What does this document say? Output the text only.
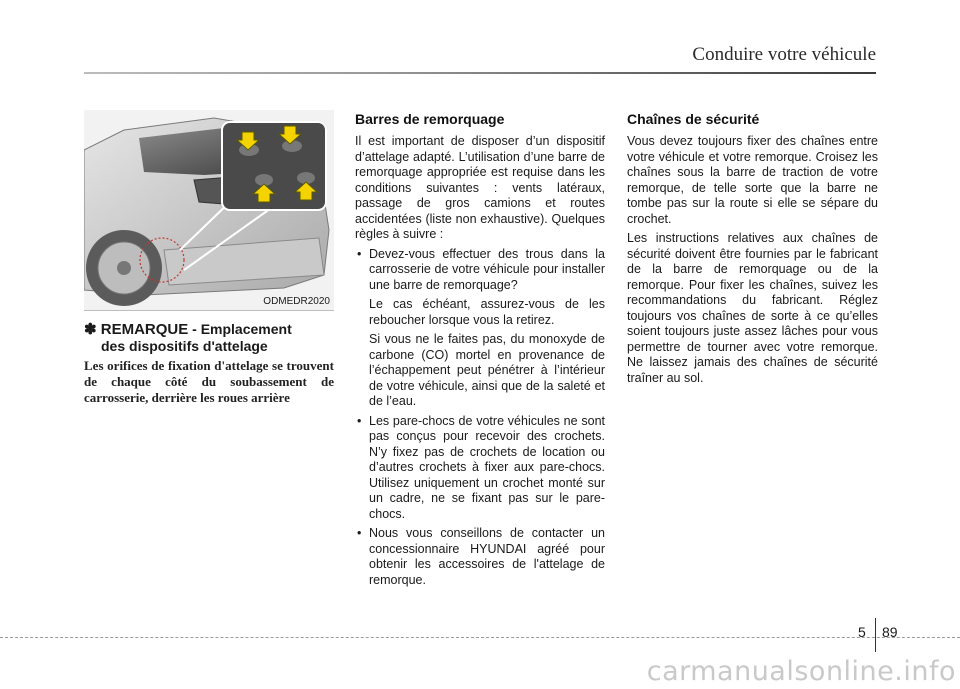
Conduire votre véhicule
ODMEDR2020
✽ REMARQUE - Emplacement
des dispositifs d'attelage
Les orifices de fixation d'attelage se trouvent de chaque côté du soubassement de carrosserie, derrière les roues arrière
Barres de remorquage

Il est important de disposer d’un dispositif d’attelage adapté. L’utilisation d’une barre de remorquage appropriée est requise dans les conditions suivantes : vents latéraux, passage de gros camions et routes accidentées (liste non exhaustive). Quelques règles à suivre :

• Devez-vous effectuer des trous dans la carrosserie de votre véhicule pour installer une barre de remorquage?

Le cas échéant, assurez-vous de les reboucher lorsque vous la retirez.

Si vous ne le faites pas, du monoxyde de carbone (CO) mortel en provenance de l’échappement peut pénétrer à l’intérieur de votre véhicule, ainsi que de la saleté et de l’eau.

• Les pare-chocs de votre véhicules ne sont pas conçus pour recevoir des crochets. N’y fixez pas de crochets de location ou d’autres crochets à fixer aux pare-chocs. Utilisez uniquement un crochet monté sur un cadre, ne se fixant pas sur le pare-chocs.

• Nous vous conseillons de contacter un concessionnaire HYUNDAI agréé pour obtenir les accessoires de l'attelage de remorque.

Chaînes de sécurité

Vous devez toujours fixer des chaînes entre votre véhicule et votre remorque. Croisez les chaînes sous la barre de traction de votre remorque, de telle sorte que la barre ne tombe pas sur la route si elle se sépare du crochet.

Les instructions relatives aux chaînes de sécurité doivent être fournies par le fabricant de la barre de remorquage ou de la remorque. Pour fixer les chaînes, suivez les recommandations du fabricant. Réglez toujours vos chaînes de sorte à ce qu’elles soient toujours juste assez lâches pour vous permettre de tourner avec votre remorque. Ne laissez jamais des chaînes de sécurité traîner au sol.

5 89
carmanualsonline.info
